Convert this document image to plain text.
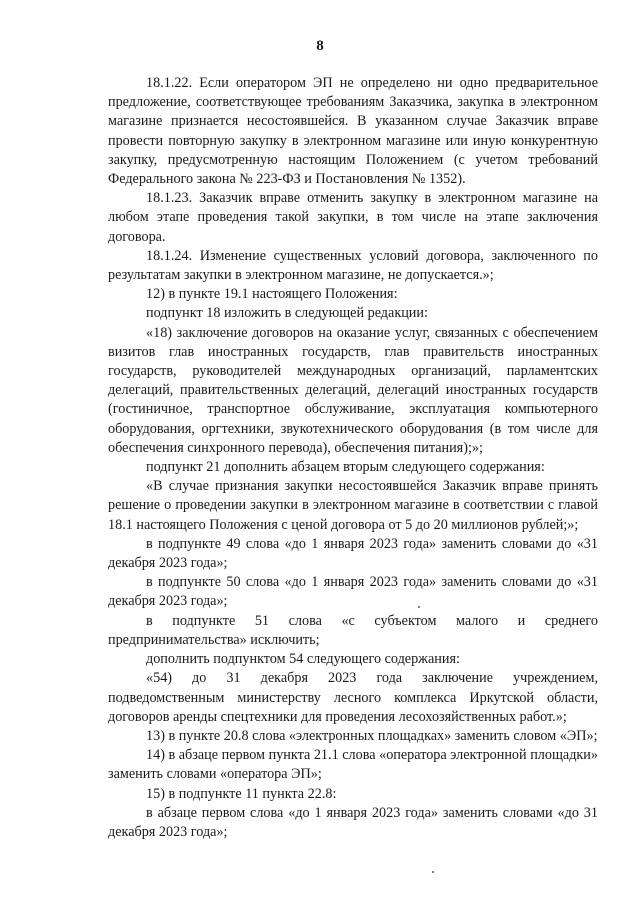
8

18.1.22. Если оператором ЭП не определено ни одно предварительное предложение, соответствующее требованиям Заказчика, закупка в электронном магазине признается несостоявшейся. В указанном случае Заказчик вправе провести повторную закупку в электронном магазине или иную конкурентную закупку, предусмотренную настоящим Положением (с учетом требований Федерального закона № 223-ФЗ и Постановления № 1352).

18.1.23. Заказчик вправе отменить закупку в электронном магазине на любом этапе проведения такой закупки, в том числе на этапе заключения договора.

18.1.24. Изменение существенных условий договора, заключенного по результатам закупки в электронном магазине, не допускается.»;

12) в пункте 19.1 настоящего Положения:

подпункт 18 изложить в следующей редакции:

«18) заключение договоров на оказание услуг, связанных с обеспечением визитов глав иностранных государств, глав правительств иностранных государств, руководителей международных организаций, парламентских делегаций, правительственных делегаций, делегаций иностранных государств (гостиничное, транспортное обслуживание, эксплуатация компьютерного оборудования, оргтехники, звукотехнического оборудования (в том числе для обеспечения синхронного перевода), обеспечения питания);»;

подпункт 21 дополнить абзацем вторым следующего содержания:

«В случае признания закупки несостоявшейся Заказчик вправе принять решение о проведении закупки в электронном магазине в соответствии с главой 18.1 настоящего Положения с ценой договора от 5 до 20 миллионов рублей;»;

в подпункте 49 слова «до 1 января 2023 года» заменить словами до «31 декабря 2023 года»;

в подпункте 50 слова «до 1 января 2023 года» заменить словами до «31 декабря 2023 года»;

в подпункте 51 слова «с субъектом малого и среднего предпринимательства» исключить;

дополнить подпунктом 54 следующего содержания:

«54) до 31 декабря 2023 года заключение учреждением, подведомственным министерству лесного комплекса Иркутской области, договоров аренды спецтехники для проведения лесохозяйственных работ.»;

13) в пункте 20.8 слова «электронных площадках» заменить словом «ЭП»;

14) в абзаце первом пункта 21.1 слова «оператора электронной площадки» заменить словами «оператора ЭП»;

15) в подпункте 11 пункта 22.8:

в абзаце первом слова «до 1 января 2023 года» заменить словами «до 31 декабря 2023 года»;
